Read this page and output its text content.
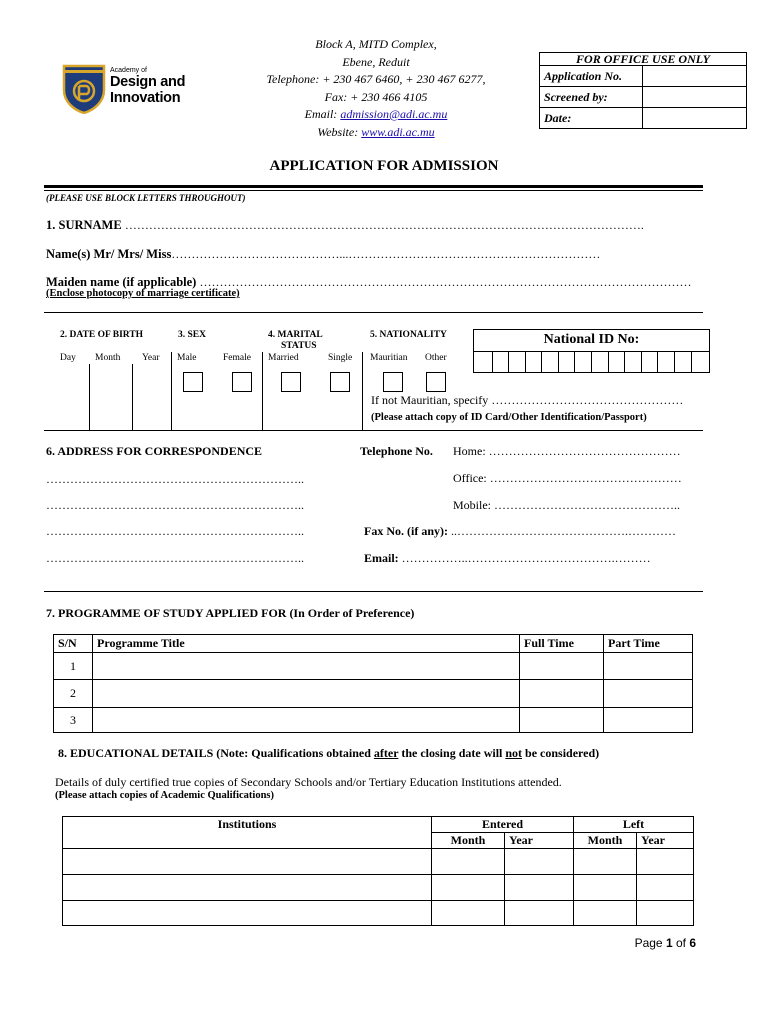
Academy of
Design and
Innovation
Block A, MITD Complex,
Ebene, Reduit
Telephone: + 230 467 6460, + 230 467 6277,
Fax: + 230 466 4105
Email: admission@adi.ac.mu
Website: www.adi.ac.mu
FOR OFFICE USE ONLY	
Application No.	
Screened by:	
Date:	
APPLICATION FOR ADMISSION
(PLEASE USE BLOCK LETTERS THROUGHOUT)
1. SURNAME ………………………………………………………………………………………………………………….
Name(s) Mr/ Mrs/ Miss……………………………………...………………………………………………………
Maiden name (if applicable) ……………………………………………………………………………………………………………
(Enclose photocopy of marriage certificate)
2. DATE OF BIRTH	3. SEX	4. MARITAL
STATUS
5. NATIONALITY
Day Month Year Male	Female Married	Single Mauritian Other
National ID No:
If not Mauritian, specify …………………………………………
(Please attach copy of ID Card/Other Identification/Passport)
6. ADDRESS FOR CORRESPONDENCE
………………………………………………………..
………………………………………………………..
………………………………………………………..
………………………………………………………..
Telephone No. Home: …………………………………………
Office: …………………………………………
Mobile: ………………………………………..
Fax No. (if any): ..…………………………………….…………
Email: ……………..……………………………….………
7. PROGRAMME OF STUDY APPLIED FOR (In Order of Preference)
S/N	Programme Title	Full Time	Part Time
1			
2			
3			
8. EDUCATIONAL DETAILS (Note: Qualifications obtained after the closing date will not be considered)
Details of duly certified true copies of Secondary Schools and/or Tertiary Education Institutions attended.
(Please attach copies of Academic Qualifications)
Institutions	Entered		Left	
	Month	Year	Month	Year

Page 1 of 6
